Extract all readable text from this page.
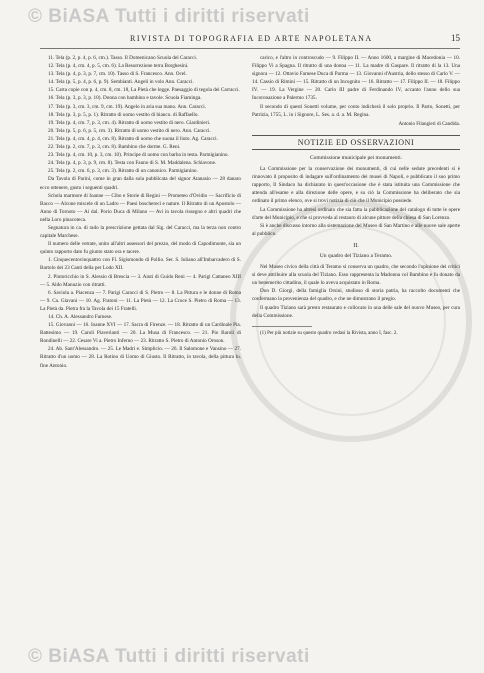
© BiASA Tutti i diritti riservati
RIVISTA DI TOPOGRAFIA ED ARTE NAPOLETANA	15

11. Tela (p. 2, p. 4, p. 6, cm.). Tasso. Il Domenicano Scuola del Caracci.

12. Tela (p. 4, cm. 4, p. 5, cm. 6). La Resurrezione terra Borghesini.

13. Tela (p. 4, p. 3, p. 7, cm. 10). Tasso di S. Francesco. Ann. Ocel.

14. Tela (p. 5, p. 4, p. 6, p. 9). Sembianti. Angeli in volo Ann. Caracci.

15. Carta copie con p. 4, cm. 8, cm. 18, La Pietà che legge. Paesaggio di tegola dei Carracci.

16. Tela (p. 3, p. 3, p. 10). Donna con bambino e tavole. Scuola Fiaminga.

17. Tela (p. 3, cm. 3, cm. 9, cm. 19). Angelo in aria sua mano. Ann. Caracci.

18. Tela (p. 3, p. 5, p. 1). Ritratto di uomo vestito di bianco. di Raffaello.

19. Tela (p. 4, cm. 7, p. 3, cm. 4). Ritratto di uomo vestito di nero. Giardinieri.

20. Tela (p. 5, p. 6, p. 5, cm. 3). Ritratto di uomo vestito di nero. Ann. Caracci.

21. Tela (p. 4, cm. 4, p. 4, cm. 8). Ritratto di uomo che suona il liuto. Ag. Caracci.

22. Tela (p. 2, cm. 7, p. 3, cm. 8). Bambino che dorme. G. Reni.

23. Tela (p. 4, cm. 10, p. 3, cm. 10). Principe di uomo con barba in testa. Parmigianino.

24. Tela (p. 4, p. 3, p. 9, cm. 8). Testa con Fauno di S. M. Maddalena. Schiavone.

25. Tela (p. 2, cm. 6, p. 3, cm. 3). Ritratto di un canonico. Parmigianino.

Da Tavola di Parini, come in gran dalla sola pubblicata del signor Atanasio — 28 danaro ecco ottenere, gusto i seguenti quadri.

Schola marmore di Ioanne — Cibo e Storie di Regini — Prometeo d'Ovidio — Sacrificio di Bacco — Alcune miscele di un Ladro — Paesi boschereci e nature. Il Ritratto di un Apostolo — Anno di Tornoto — Ai dal. Porio Duca di Milano — Avi in tavola rissegno e altri quadri che nella Loro pinacoteca.

Segnatura in ca. di rado la prescrizione gettata dal Sig. del Caracci, ma la terza non contro capitale Marchese.

Il numero delle vetrate, unito all'altri assessori del prezzo, del modo di Capodimonte, sia un quinto rapporto dato fu giunto stato ora e tacere.

1. Cinquecentovinquattro con Fl. Sigismondo di Pollio. Ser. S. Iuliano all'Imbarcadero di S. Bartolo dei 23 Canti della per Lodo XII.

2. Pintoricchio in S. Alessio di Brescia — 3. Aiuti di Guido Reni — 4. Parigi Cattaneo XIII — 5. Aldo Manuzio con ritratti.

6. Saviola a. Piacenza — 7. Parigi Caracci di S. Pietro — 8. La Pittura e le donne di Roma — 9. Ca. Giavani — 10. Ag. Fratoni — 11. La Pietà — 12. La Croce S. Pietro di Roma — 13. La Pietà da. Pietra fra la Tavola dei 15 Fratelli.

14. Ch. A. Alessandro Farnese.

15. Giovanni — 16. Ioanne XVI — 17. Sacra di Firenze. — 18. Ritratto di un Cardinale Pia. Battesimo — 19. Caroli Piaverianti — 20. La Musa di Francesco. — 21. Pio Baroli di Rondinelli — 22. Cesare Vi a. Pietro Inferno — 23. Ritratto S. Pietro di Antonio Oroson.

24. Ab. Sant'Alessandro. — 25. Le Madri e. Simplicio. — 26. Il Salomone e Vansino — 27. Ritratto d'un uomo — 28. La Rotino di Uomo di Giusto. Il Ritratto, in tavola, della pittura lu. fine Antonio.

carico, e l'altro in controscudo — 9. Filippo II. — Anno 1600, a margine di Macedonia — 10. Filippo Vi a Spagna. Il ritratto di una donna — 11. La madre di Gaspare. Il ritratto di la 13. Una signora — 12. Ottavio Farnese Duca di Parma — 13. Giovanni d'Austria, dello stesso di Carlo V. — 14. Cassio di Rimini — 15. Ritratto di un Incognito — 16. Ritratto — 17. Filippo II. — 18. Filippo IV. — 19. La Vergine — 20. Carlo III padre di Ferdinando IV, accanto l'anno dello sua Incoronazione a Palermo 1735.

Il secondo di questi Sonetti volume, per conto indicherà il solo proprio. Il Parto, Sonetti, per Patrizia, 1755, L. in i Signore, L. Ses. a. d. a. M. Regina.

Antonio Filangieri di Candida.
NOTIZIE ED OSSERVAZIONI
Commissione municipale pei monumenti.

La Commissione per la conservazione dei monumenti, di cui nelle sedute precedenti si è rinnovato il proposito di indagare sull'ordinamento dei musei di Napoli, e pubblicato il suo primo rapporto, Il Sindaco ha dichiarato in quest'occasione che è stata istituita una Commissione che attenda all'esame e alla direzione delle opere, e su ciò la Commissione ha deliberato che sia ordinato il primo elenco, ove si trovi notizia di ciò che il Municipio possiede.

La Commissione ha altresì ordinato che sia fatta la pubblicazione del catalogo di tutte le opere d'arte del Municipio, e che si provveda al restauro di alcune pitture della chiesa di San Lorenzo.

Si è anche discusso intorno alla sistemazione del Museo di San Martino e alle nuove sale aperte al pubblico.

II.
Un quadro del Tiziano a Teramo.

Nel Museo civico della città di Teramo si conserva un quadro, che secondo l'opinione dei critici si deve attribuire alla scuola del Tiziano. Esso rappresenta la Madonna col Bambino e fu donato da un benemerito cittadino, il quale lo aveva acquistato in Roma.

Don D. Giorgi, della famiglia Orsini, studioso di storia patria, ha raccolto documenti che confermano la provenienza del quadro, e che ne dimostrano il pregio.

Il quadro Tiziano sarà presto restaurato e collocato in una delle sale del nuovo Museo, per cura della Commissione.

(1) Per più notizie su questo quadro vedasi la Rivista, anno I, fasc. 2.
© BiASA Tutti i diritti riservati
